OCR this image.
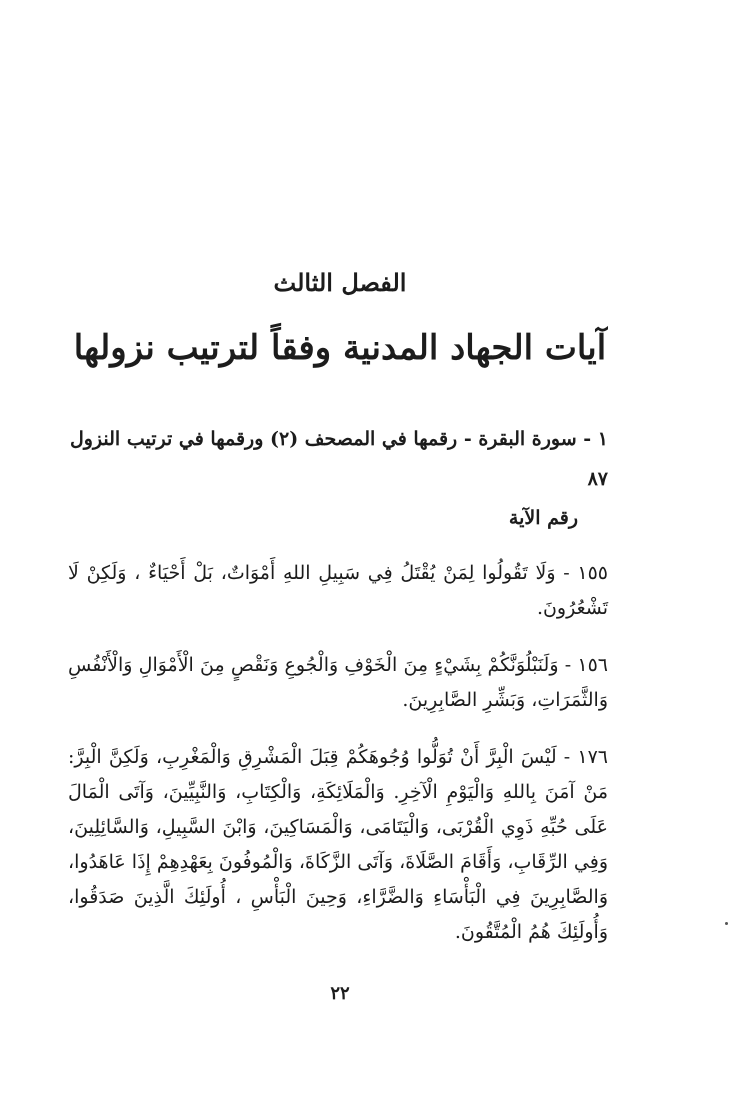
الفصل الثالث
آيات الجهاد المدنية وفقاً لترتيب نزولها
١ - سورة البقرة - رقمها في المصحف (٢) ورقمها في ترتيب النزول
٨٧
رقم الآية
١٥٥ - وَلَا تَقُولُوا لِمَنْ يُقْتَلُ فِي سَبِيلِ اللهِ أَمْوَاتٌ، بَلْ أَحْيَاءٌ ، وَلَكِنْ لَا تَشْعُرُونَ.
١٥٦ - وَلَنَبْلُوَنَّكُمْ بِشَيْءٍ مِنَ الْخَوْفِ وَالْجُوعِ وَنَقْصٍ مِنَ الْأَمْوَالِ وَالْأَنْفُسِ وَالثَّمَرَاتِ، وَبَشِّرِ الصَّابِرِينَ.
١٧٦ - لَيْسَ الْبِرَّ أَنْ تُوَلُّوا وُجُوهَكُمْ قِبَلَ الْمَشْرِقِ وَالْمَغْرِبِ، وَلَكِنَّ الْبِرَّ: مَنْ آمَنَ بِاللهِ وَالْيَوْمِ الْآخِرِ. وَالْمَلَائِكَةِ، وَالْكِتَابِ، وَالنَّبِيِّينَ، وَآتَى الْمَالَ عَلَى حُبِّهِ ذَوِي الْقُرْبَى، وَالْيَتَامَى، وَالْمَسَاكِينَ، وَابْنَ السَّبِيلِ، وَالسَّائِلِينَ، وَفِي الرِّقَابِ، وَأَقَامَ الصَّلَاةَ، وَآتَى الزَّكَاةَ، وَالْمُوفُونَ بِعَهْدِهِمْ إِذَا عَاهَدُوا، وَالصَّابِرِينَ فِي الْبَأْسَاءِ وَالضَّرَّاءِ، وَحِينَ الْبَأْسِ ، أُولَئِكَ الَّذِينَ صَدَقُوا، وَأُولَئِكَ هُمُ الْمُتَّقُونَ.
٢٢
